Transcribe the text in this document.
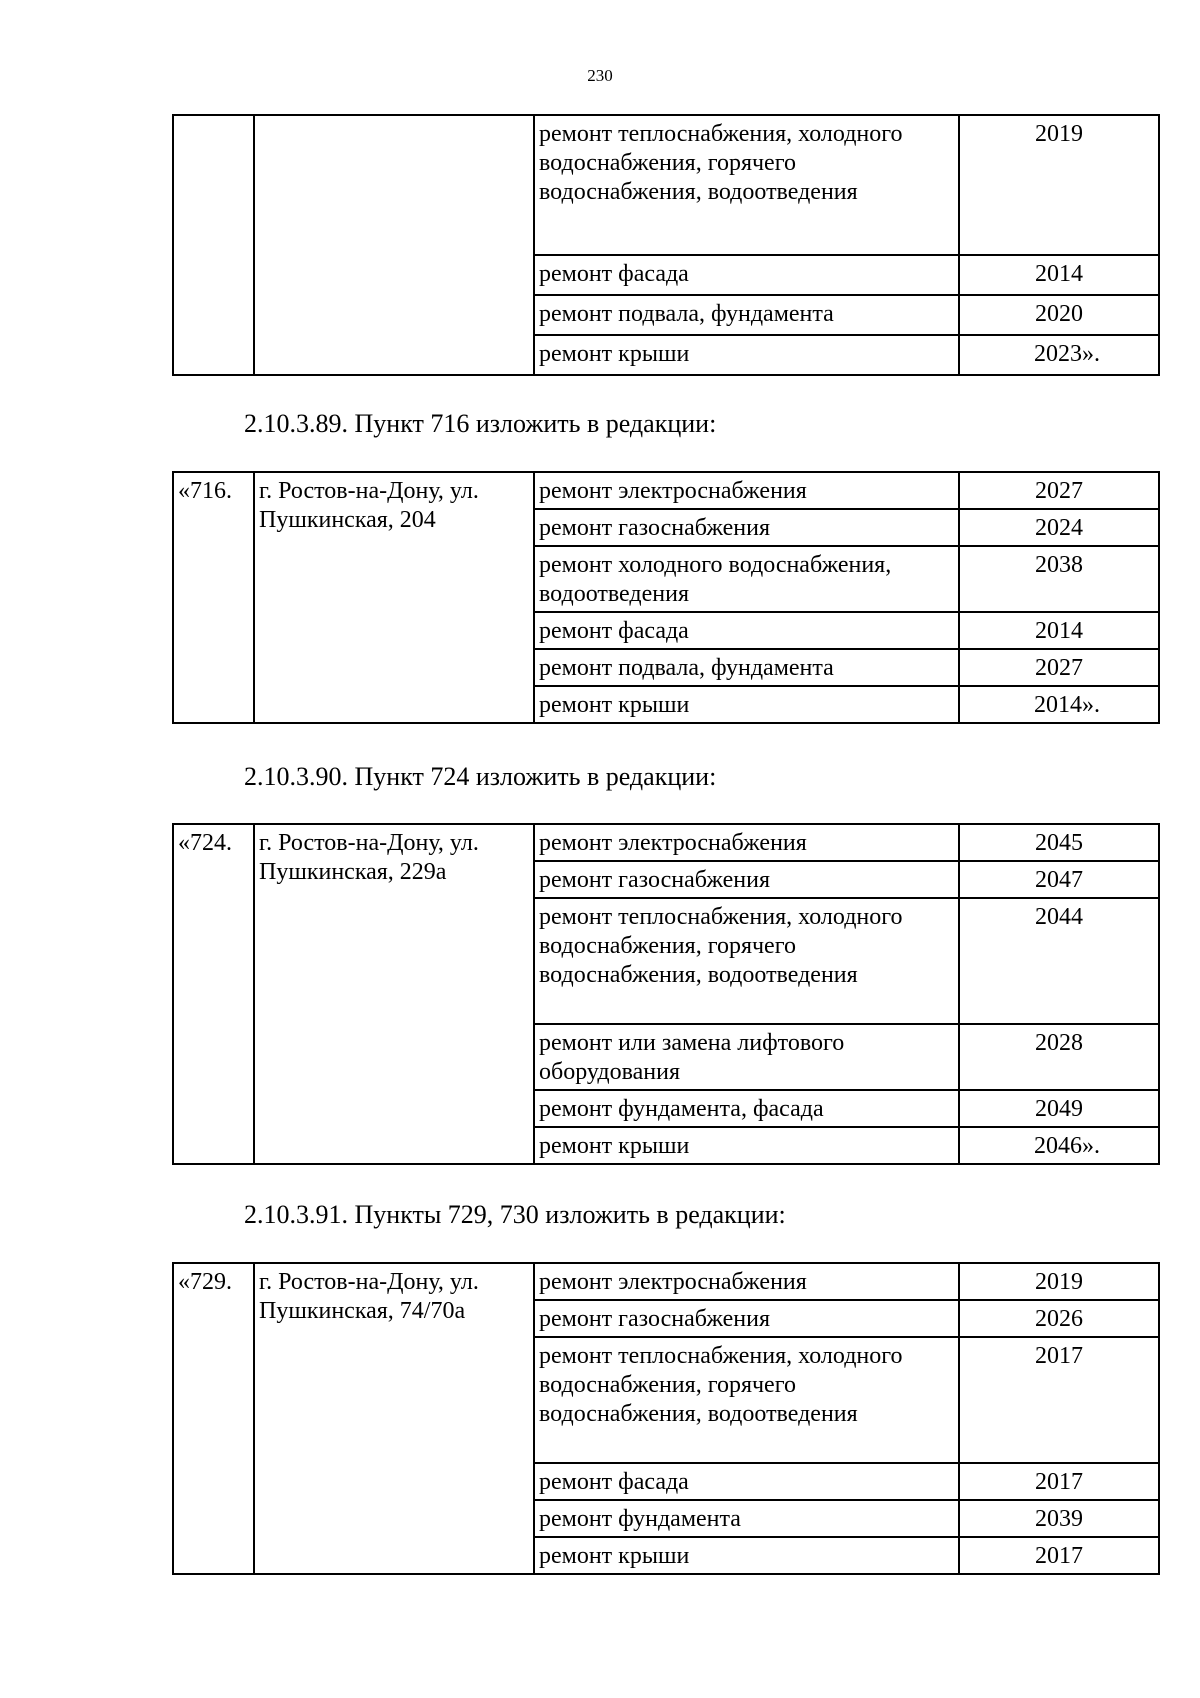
230
		ремонт теплоснабжения, холодного водоснабжения, горячего водоснабжения, водоотведения	2019
		ремонт фасада	2014
		ремонт подвала, фундамента	2020
		ремонт крыши	2023».
2.10.3.89. Пункт 716 изложить в редакции:
«716.	г. Ростов-на-Дону, ул. Пушкинская, 204	ремонт электроснабжения	2027
		ремонт газоснабжения	2024
		ремонт холодного водоснабжения, водоотведения	2038
		ремонт фасада	2014
		ремонт подвала, фундамента	2027
		ремонт крыши	2014».
2.10.3.90. Пункт 724 изложить в редакции:
«724.	г. Ростов-на-Дону, ул. Пушкинская, 229а	ремонт электроснабжения	2045
		ремонт газоснабжения	2047
		ремонт теплоснабжения, холодного водоснабжения, горячего водоснабжения, водоотведения	2044
		ремонт или замена лифтового оборудования	2028
		ремонт фундамента, фасада	2049
		ремонт крыши	2046».
2.10.3.91. Пункты 729, 730 изложить в редакции:
«729.	г. Ростов-на-Дону, ул. Пушкинская, 74/70а	ремонт электроснабжения	2019
		ремонт газоснабжения	2026
		ремонт теплоснабжения, холодного водоснабжения, горячего водоснабжения, водоотведения	2017
		ремонт фасада	2017
		ремонт фундамента	2039
		ремонт крыши	2017
